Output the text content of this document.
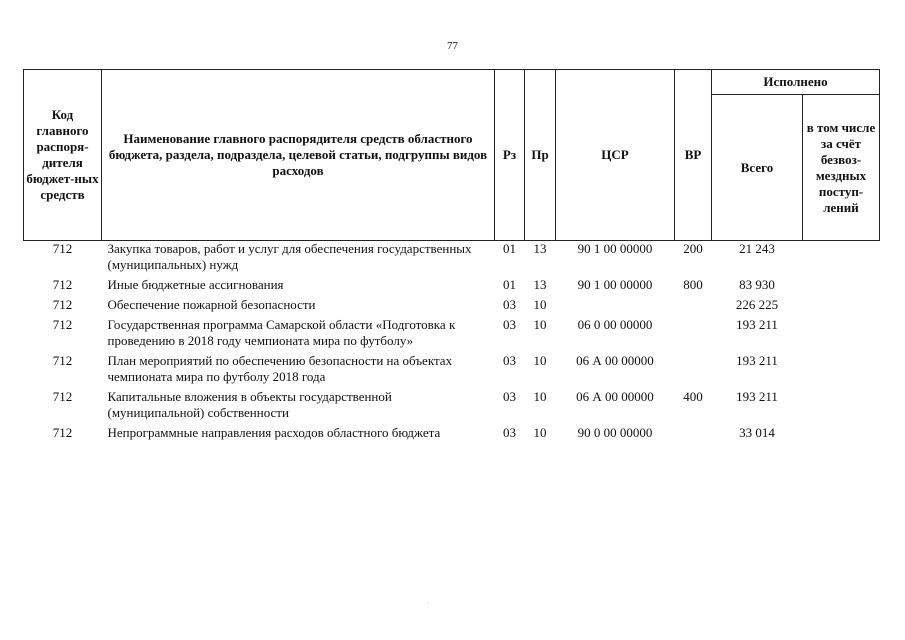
77
Код главного распоря-дителя бюджет-ных средств	Наименование главного распорядителя средств областного бюджета, раздела, подраздела, целевой статьи, подгруппы видов расходов	Рз	Пр	ЦСР	ВР	Исполнено	
						Всего	в том числе за счёт безвоз-мездных поступ-лений
712	Закупка товаров, работ и услуг для обеспечения государственных (муниципальных) нужд	01	13	90 1 00 00000	200	21 243	
712	Иные бюджетные ассигнования	01	13	90 1 00 00000	800	83 930	
712	Обеспечение пожарной безопасности	03	10			226 225	
712	Государственная программа Самарской области «Подготовка к проведению в 2018 году чемпионата мира по футболу»	03	10	06 0 00 00000		193 211	
712	План мероприятий по обеспечению безопасности на объектах чемпионата мира по футболу 2018 года	03	10	06 А 00 00000		193 211	
712	Капитальные вложения в объекты государственной (муниципальной) собственности	03	10	06 А 00 00000	400	193 211	
712	Непрограммные направления расходов областного бюджета	03	10	90 0 00 00000		33 014	
·
